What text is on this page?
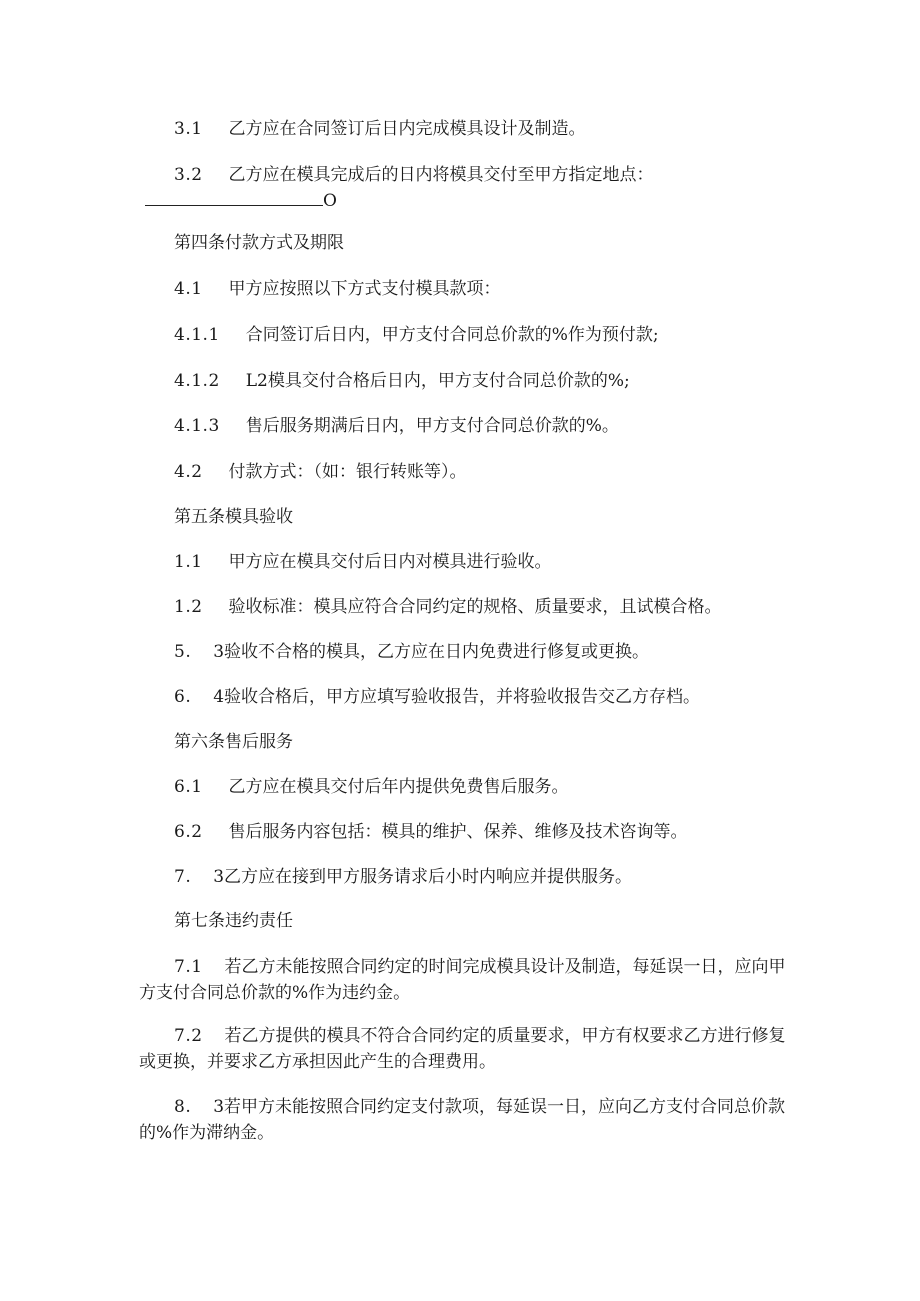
3.1 乙方应在合同签订后日内完成模具设计及制造。
3.2 乙方应在模具完成后的日内将模具交付至甲方指定地点：
O
第四条付款方式及期限
4.1 甲方应按照以下方式支付模具款项：
4.1.1 合同签订后日内，甲方支付合同总价款的%作为预付款;
4.1.2 L2模具交付合格后日内，甲方支付合同总价款的%;
4.1.3 售后服务期满后日内，甲方支付合同总价款的%。
4.2 付款方式：（如：银行转账等）。
第五条模具验收
1.1 甲方应在模具交付后日内对模具进行验收。
1.2 验收标准：模具应符合合同约定的规格、质量要求，且试模合格。
5. 3验收不合格的模具，乙方应在日内免费进行修复或更换。
6. 4验收合格后，甲方应填写验收报告，并将验收报告交乙方存档。
第六条售后服务
6.1 乙方应在模具交付后年内提供免费售后服务。
6.2 售后服务内容包括：模具的维护、保养、维修及技术咨询等。
7. 3乙方应在接到甲方服务请求后小时内响应并提供服务。
第七条违约责任
7.1 若乙方未能按照合同约定的时间完成模具设计及制造，每延误一日，应向甲
方支付合同总价款的%作为违约金。
7.2 若乙方提供的模具不符合合同约定的质量要求，甲方有权要求乙方进行修复
或更换，并要求乙方承担因此产生的合理费用。
8. 3若甲方未能按照合同约定支付款项，每延误一日，应向乙方支付合同总价款
的%作为滞纳金。
